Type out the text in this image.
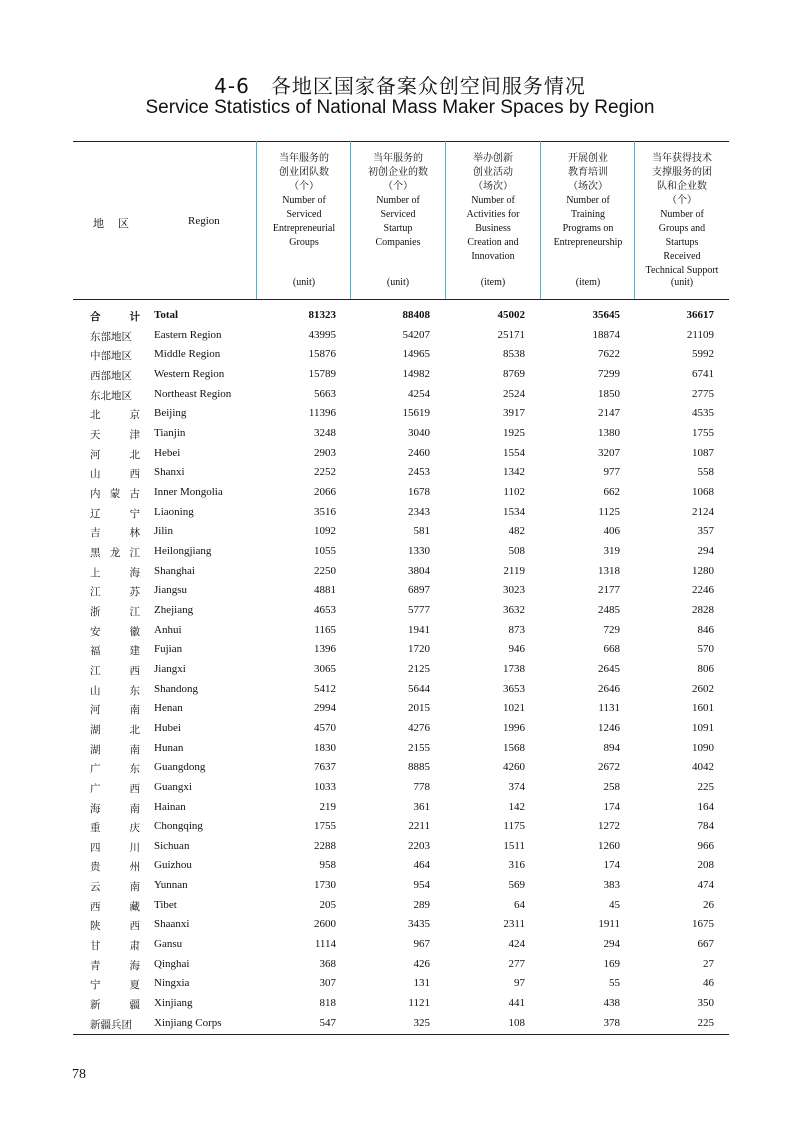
4-6　各地区国家备案众创空间服务情况
Service Statistics of National Mass Maker Spaces by Region
地区	Region
当年服务的
创业团队数

（个）
Number of
Serviced
Entrepreneurial
Groups
(unit)
当年服务的
初创企业的数

（个）
Number of
Serviced
Startup
Companies
(unit)
举办创新
创业活动

（场次）
Number of
Activities for
Business
Creation and
Innovation
(item)
开展创业
教育培训

（场次）
Number of
Training
Programs on
Entrepreneurship
(item)
当年获得技术
支撑服务的团
队和企业数
（个）
Number of
Groups and
Startups
Received
Technical Support
(unit)
合	计 Total	81323	88408	45002	35645	36617
东部地区 Eastern Region	43995	54207	25171	18874	21109
中部地区 Middle Region	15876	14965	8538	7622	5992
西部地区 Western Region	15789	14982	8769	7299	6741
东北地区 Northeast Region	5663	4254	2524	1850	2775
北	京 Beijing	11396	15619	3917	2147	4535
天	津 Tianjin	3248	3040	1925	1380	1755
河	北 Hebei	2903	2460	1554	3207	1087
山	西 Shanxi	2252	2453	1342	977	558
内 蒙 古 Inner Mongolia	2066	1678	1102	662	1068
辽	宁 Liaoning	3516	2343	1534	1125	2124
吉	林 Jilin	1092	581	482	406	357
黑 龙 江 Heilongjiang	1055	1330	508	319	294
上	海 Shanghai	2250	3804	2119	1318	1280
江	苏 Jiangsu	4881	6897	3023	2177	2246
浙	江 Zhejiang	4653	5777	3632	2485	2828
安	徽 Anhui	1165	1941	873	729	846
福	建 Fujian	1396	1720	946	668	570
江	西 Jiangxi	3065	2125	1738	2645	806
山	东 Shandong	5412	5644	3653	2646	2602
河	南 Henan	2994	2015	1021	1131	1601
湖	北 Hubei	4570	4276	1996	1246	1091
湖	南 Hunan	1830	2155	1568	894	1090
广	东 Guangdong	7637	8885	4260	2672	4042
广	西 Guangxi	1033	778	374	258	225
海	南 Hainan	219	361	142	174	164
重	庆 Chongqing	1755	2211	1175	1272	784
四	川 Sichuan	2288	2203	1511	1260	966
贵	州 Guizhou	958	464	316	174	208
云	南 Yunnan	1730	954	569	383	474
西	藏 Tibet	205	289	64	45	26
陕	西 Shaanxi	2600	3435	2311	1911	1675
甘	肃 Gansu	1114	967	424	294	667
青	海 Qinghai	368	426	277	169	27
宁	夏 Ningxia	307	131	97	55	46
新	疆 Xinjiang	818	1121	441	438	350
新疆兵团 Xinjiang Corps	547	325	108	378	225
78
